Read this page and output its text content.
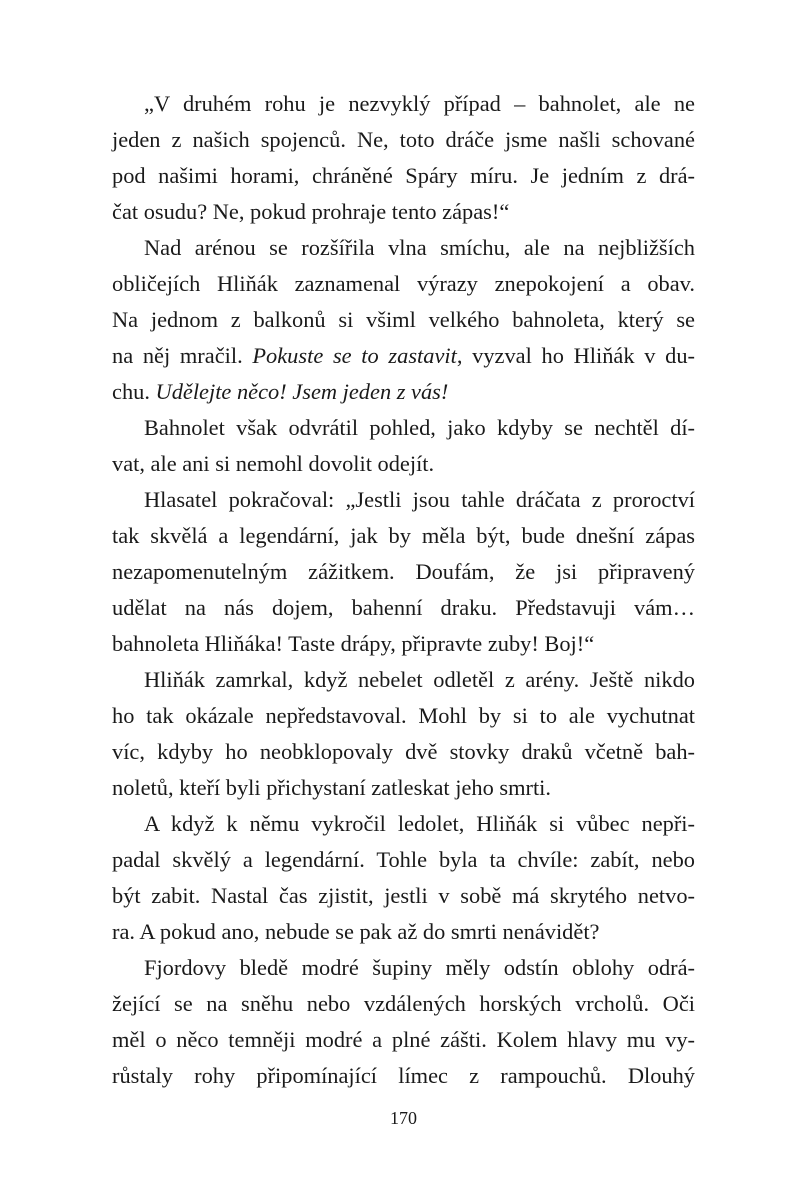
„V druhém rohu je nezvyklý případ – bahnolet, ale ne
jeden z našich spojenců. Ne, toto dráče jsme našli schované
pod našimi horami, chráněné Spáry míru. Je jedním z drá-
čat osudu? Ne, pokud prohraje tento zápas!“
Nad arénou se rozšířila vlna smíchu, ale na nejbližších
obličejích Hliňák zaznamenal výrazy znepokojení a obav.
Na jednom z balkonů si všiml velkého bahnoleta, který se
na něj mračil. Pokuste se to zastavit, vyzval ho Hliňák v du-
chu. Udělejte něco! Jsem jeden z vás!
Bahnolet však odvrátil pohled, jako kdyby se nechtěl dí-
vat, ale ani si nemohl dovolit odejít.
Hlasatel pokračoval: „Jestli jsou tahle dráčata z proroctví
tak skvělá a legendární, jak by měla být, bude dnešní zápas
nezapomenutelným zážitkem. Doufám, že jsi připravený
udělat na nás dojem, bahenní draku. Představuji vám…
bahnoleta Hliňáka! Taste drápy, připravte zuby! Boj!“
Hliňák zamrkal, když nebelet odletěl z arény. Ještě nikdo
ho tak okázale nepředstavoval. Mohl by si to ale vychutnat
víc, kdyby ho neobklopovaly dvě stovky draků včetně bah-
noletů, kteří byli přichystaní zatleskat jeho smrti.
A když k němu vykročil ledolet, Hliňák si vůbec nepři-
padal skvělý a legendární. Tohle byla ta chvíle: zabít, nebo
být zabit. Nastal čas zjistit, jestli v sobě má skrytého netvo-
ra. A pokud ano, nebude se pak až do smrti nenávidět?
Fjordovy bledě modré šupiny měly odstín oblohy odrá-
žející se na sněhu nebo vzdálených horských vrcholů. Oči
měl o něco temněji modré a plné zášti. Kolem hlavy mu vy-
růstaly rohy připomínající límec z rampouchů. Dlouhý
170
